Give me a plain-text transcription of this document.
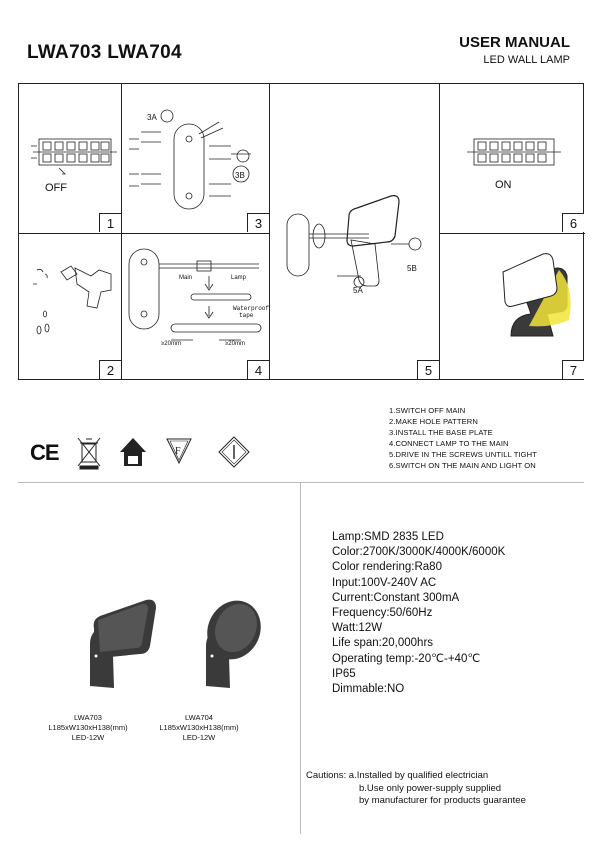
LWA703 LWA704	USER MANUAL
LED WALL LAMP
1
2
3
4	5
6
7
OFF
3A
3B
Main	Lamp
Waterproof
tape
≥20mm	≥20mm
5B
5A
ON
1.SWITCH OFF MAIN
2.MAKE HOLE PATTERN
3.INSTALL THE BASE PLATE
4.CONNECT LAMP TO THE MAIN
5.DRIVE IN THE SCREWS UNTILL TIGHT
6.SWITCH ON THE MAIN AND LIGHT ON
CE	F
LWA703
L185xW130xH138(mm)
LED-12W
LWA704
L185xW130xH138(mm)
LED-12W
Lamp:SMD 2835 LED
Color:2700K/3000K/4000K/6000K
Color rendering:Ra80
Input:100V-240V AC
Current:Constant 300mA
Frequency:50/60Hz
Watt:12W
Life span:20,000hrs
Operating temp:-20℃-+40℃
IP65
Dimmable:NO
Cautions: a.Installed by qualified electrician
b.Use only power-supply supplied
by manufacturer for products guarantee
